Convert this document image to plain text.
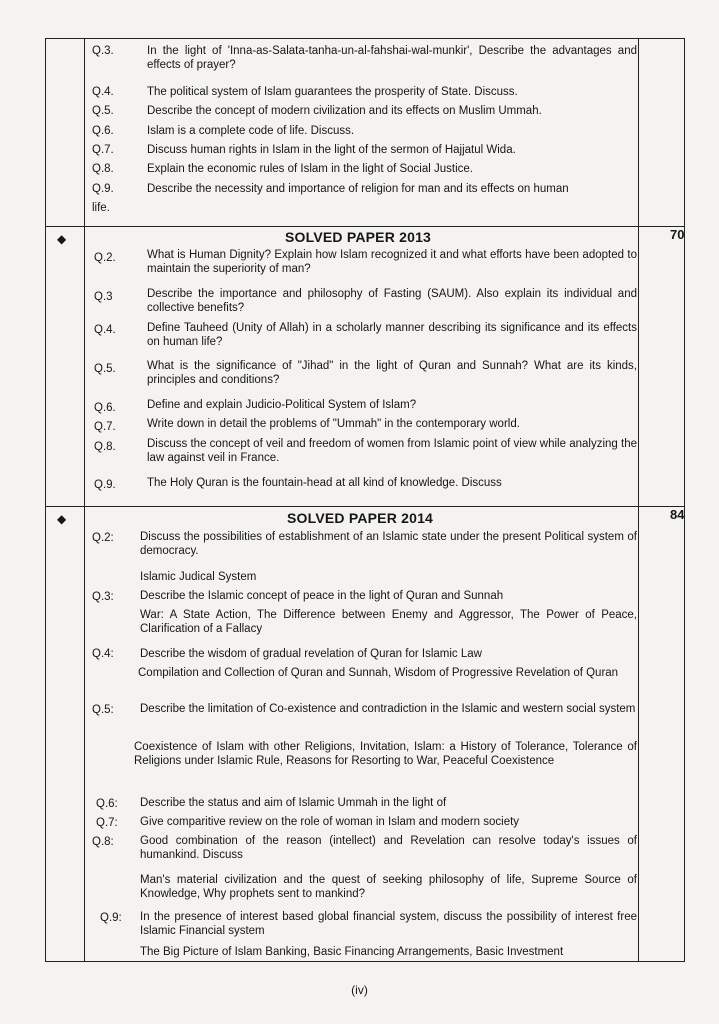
Q.3.	In the light of 'Inna-as-Salata-tanha-un-al-fahshai-wal-munkir', Describe the advantages and effects of prayer?
Q.4.	The political system of Islam guarantees the prosperity of State. Discuss.
Q.5.	Describe the concept of modern civilization and its effects on Muslim Ummah.
Q.6.	Islam is a complete code of life. Discuss.
Q.7.	Discuss human rights in Islam in the light of the sermon of Hajjatul Wida.
Q.8.	Explain the economic rules of Islam in the light of Social Justice.
Q.9.	Describe the necessity and importance of religion for man and its effects on human
life.
◆	SOLVED PAPER 2013	70
Q.2.	What is Human Dignity? Explain how Islam recognized it and what efforts have been adopted to maintain the superiority of man?
Q.3	Describe the importance and philosophy of Fasting (SAUM). Also explain its individual and collective benefits?
Q.4.	Define Tauheed (Unity of Allah) in a scholarly manner describing its significance and its effects on human life?
Q.5.	What is the significance of "Jihad" in the light of Quran and Sunnah? What are its kinds, principles and conditions?
Q.6.	Define and explain Judicio-Political System of Islam?
Q.7.	Write down in detail the problems of "Ummah" in the contemporary world.
Q.8.	Discuss the concept of veil and freedom of women from Islamic point of view while analyzing the law against veil in France.
Q.9.	The Holy Quran is the fountain-head at all kind of knowledge. Discuss
◆	SOLVED PAPER 2014	84
Q.2: Discuss the possibilities of establishment of an Islamic state under the present Political system of democracy.
Islamic Judical System
Q.3: Describe the Islamic concept of peace in the light of Quran and Sunnah
War: A State Action, The Difference between Enemy and Aggressor, The Power of Peace, Clarification of a Fallacy
Q.4: Describe the wisdom of gradual revelation of Quran for Islamic Law
Compilation and Collection of Quran and Sunnah, Wisdom of Progressive Revelation of Quran
Q.5: Describe the limitation of Co-existence and contradiction in the Islamic and western social system
Coexistence of Islam with other Religions, Invitation, Islam: a History of Tolerance, Tolerance of Religions under Islamic Rule, Reasons for Resorting to War, Peaceful Coexistence
Q.6: Describe the status and aim of Islamic Ummah in the light of
Q.7: Give comparitive review on the role of woman in Islam and modern society
Q.8: Good combination of the reason (intellect) and Revelation can resolve today's issues of humankind. Discuss
Man's material civilization and the quest of seeking philosophy of life, Supreme Source of Knowledge, Why prophets sent to mankind?
Q.9: In the presence of interest based global financial system, discuss the possibility of interest free Islamic Financial system
The Big Picture of Islam Banking, Basic Financing Arrangements, Basic Investment
(iv)
